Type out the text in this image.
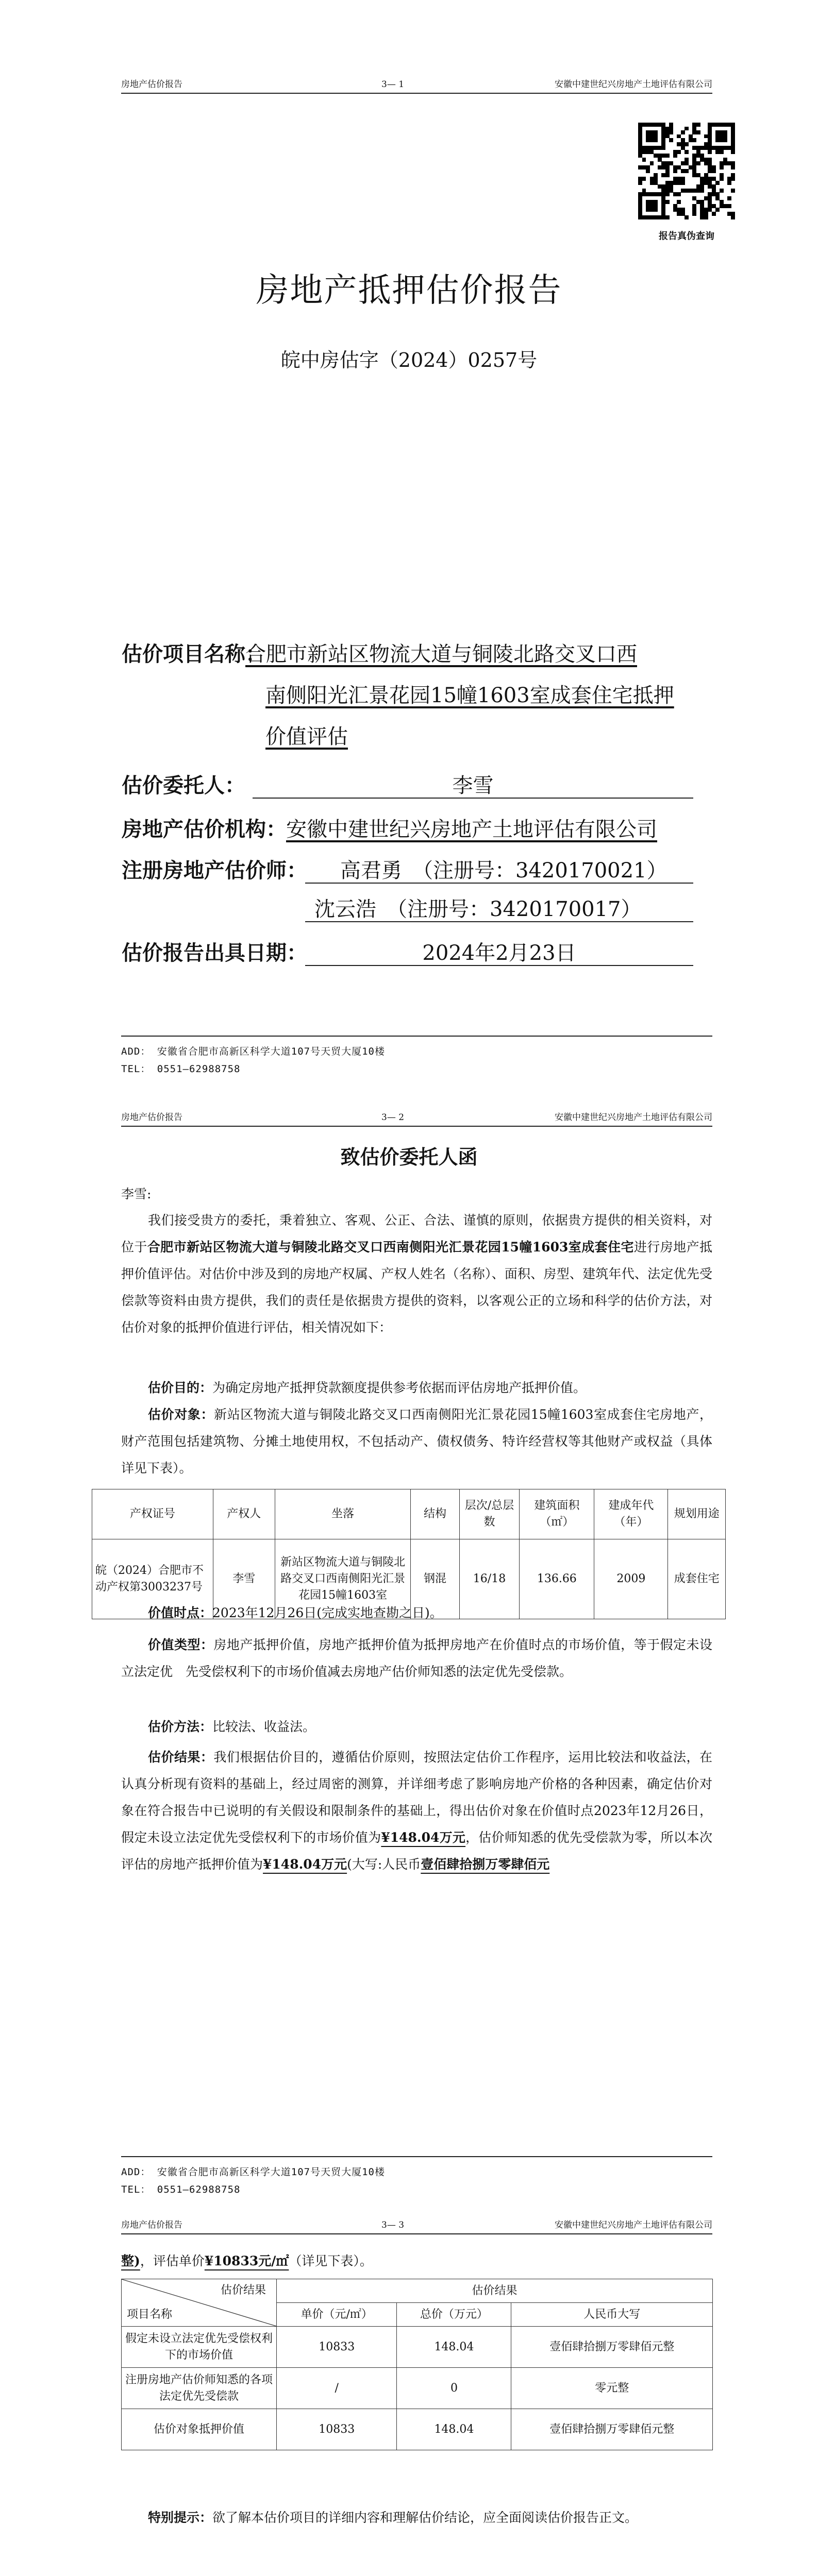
房地产估价报告	3— 1	安徽中建世纪兴房地产土地评估有限公司
报告真伪查询
房地产抵押估价报告
皖中房估字（2024）0257号
估价项目名称：
合肥市新站区物流大道与铜陵北路交叉口西
南侧阳光汇景花园15幢1603室成套住宅抵押
价值评估
估价委托人：	李雪
房地产估价机构： 安徽中建世纪兴房地产土地评估有限公司
注册房地产估价师： 高君勇　（注册号：3420170021）
沈云浩　（注册号：3420170017）
估价报告出具日期：	2024年2月23日
ADD： 安徽省合肥市高新区科学大道107号天贸大厦10楼
TEL： 0551—62988758
房地产估价报告	3— 2	安徽中建世纪兴房地产土地评估有限公司
致估价委托人函
李雪:

我们接受贵方的委托，秉着独立、客观、公正、合法、谨慎的原则，依据贵方提供的相关资料，对位于合肥市新站区物流大道与铜陵北路交叉口西南侧阳光汇景花园15幢1603室成套住宅进行房地产抵押价值评估。对估价中涉及到的房地产权属、产权人姓名（名称）、面积、房型、建筑年代、法定优先受偿款等资料由贵方提供，我们的责任是依据贵方提供的资料，以客观公正的立场和科学的估价方法，对估价对象的抵押价值进行评估，相关情况如下：

估价目的：为确定房地产抵押贷款额度提供参考依据而评估房地产抵押价值。

估价对象：新站区物流大道与铜陵北路交叉口西南侧阳光汇景花园15幢1603室成套住宅房地产，财产范围包括建筑物、分摊土地使用权，不包括动产、债权债务、特许经营权等其他财产或权益（具体详见下表）。

产权证号	产权人	坐落	结构	层次/总层数	建筑面积（㎡）	建成年代（年）	规划用途
皖（2024）合肥市不动产权第3003237号	李雪	新站区物流大道与铜陵北路交叉口西南侧阳光汇景花园15幢1603室	钢混	16/18	136.66	2009	成套住宅

价值时点：2023年12月26日(完成实地查勘之日)。

价值类型：房地产抵押价值，房地产抵押价值为抵押房地产在价值时点的市场价值，等于假定未设立法定优　先受偿权利下的市场价值减去房地产估价师知悉的法定优先受偿款。

估价方法：比较法、收益法。

估价结果：我们根据估价目的，遵循估价原则，按照法定估价工作程序，运用比较法和收益法，在认真分析现有资料的基础上，经过周密的测算，并详细考虑了影响房地产价格的各种因素，确定估价对象在符合报告中已说明的有关假设和限制条件的基础上，得出估价对象在价值时点2023年12月26日，假定未设立法定优先受偿权利下的市场价值为¥148.04万元，估价师知悉的优先受偿款为零，所以本次评估的房地产抵押价值为¥148.04万元(大写:人民币壹佰肆拾捌万零肆佰元

ADD： 安徽省合肥市高新区科学大道107号天贸大厦10楼
TEL： 0551—62988758
房地产估价报告	3— 3	安徽中建世纪兴房地产土地评估有限公司

整)，评估单价¥10833元/㎡（详见下表）。

估价结果
项目名称	估价结果		
	单价（元/㎡）	总价（万元）	人民币大写
假定未设立法定优先受偿权利下的市场价值	10833	148.04	壹佰肆拾捌万零肆佰元整
注册房地产估价师知悉的各项法定优先受偿款	/	0	零元整
估价对象抵押价值	10833	148.04	壹佰肆拾捌万零肆佰元整

特别提示：欲了解本估价项目的详细内容和理解估价结论，应全面阅读估价报告正文。
